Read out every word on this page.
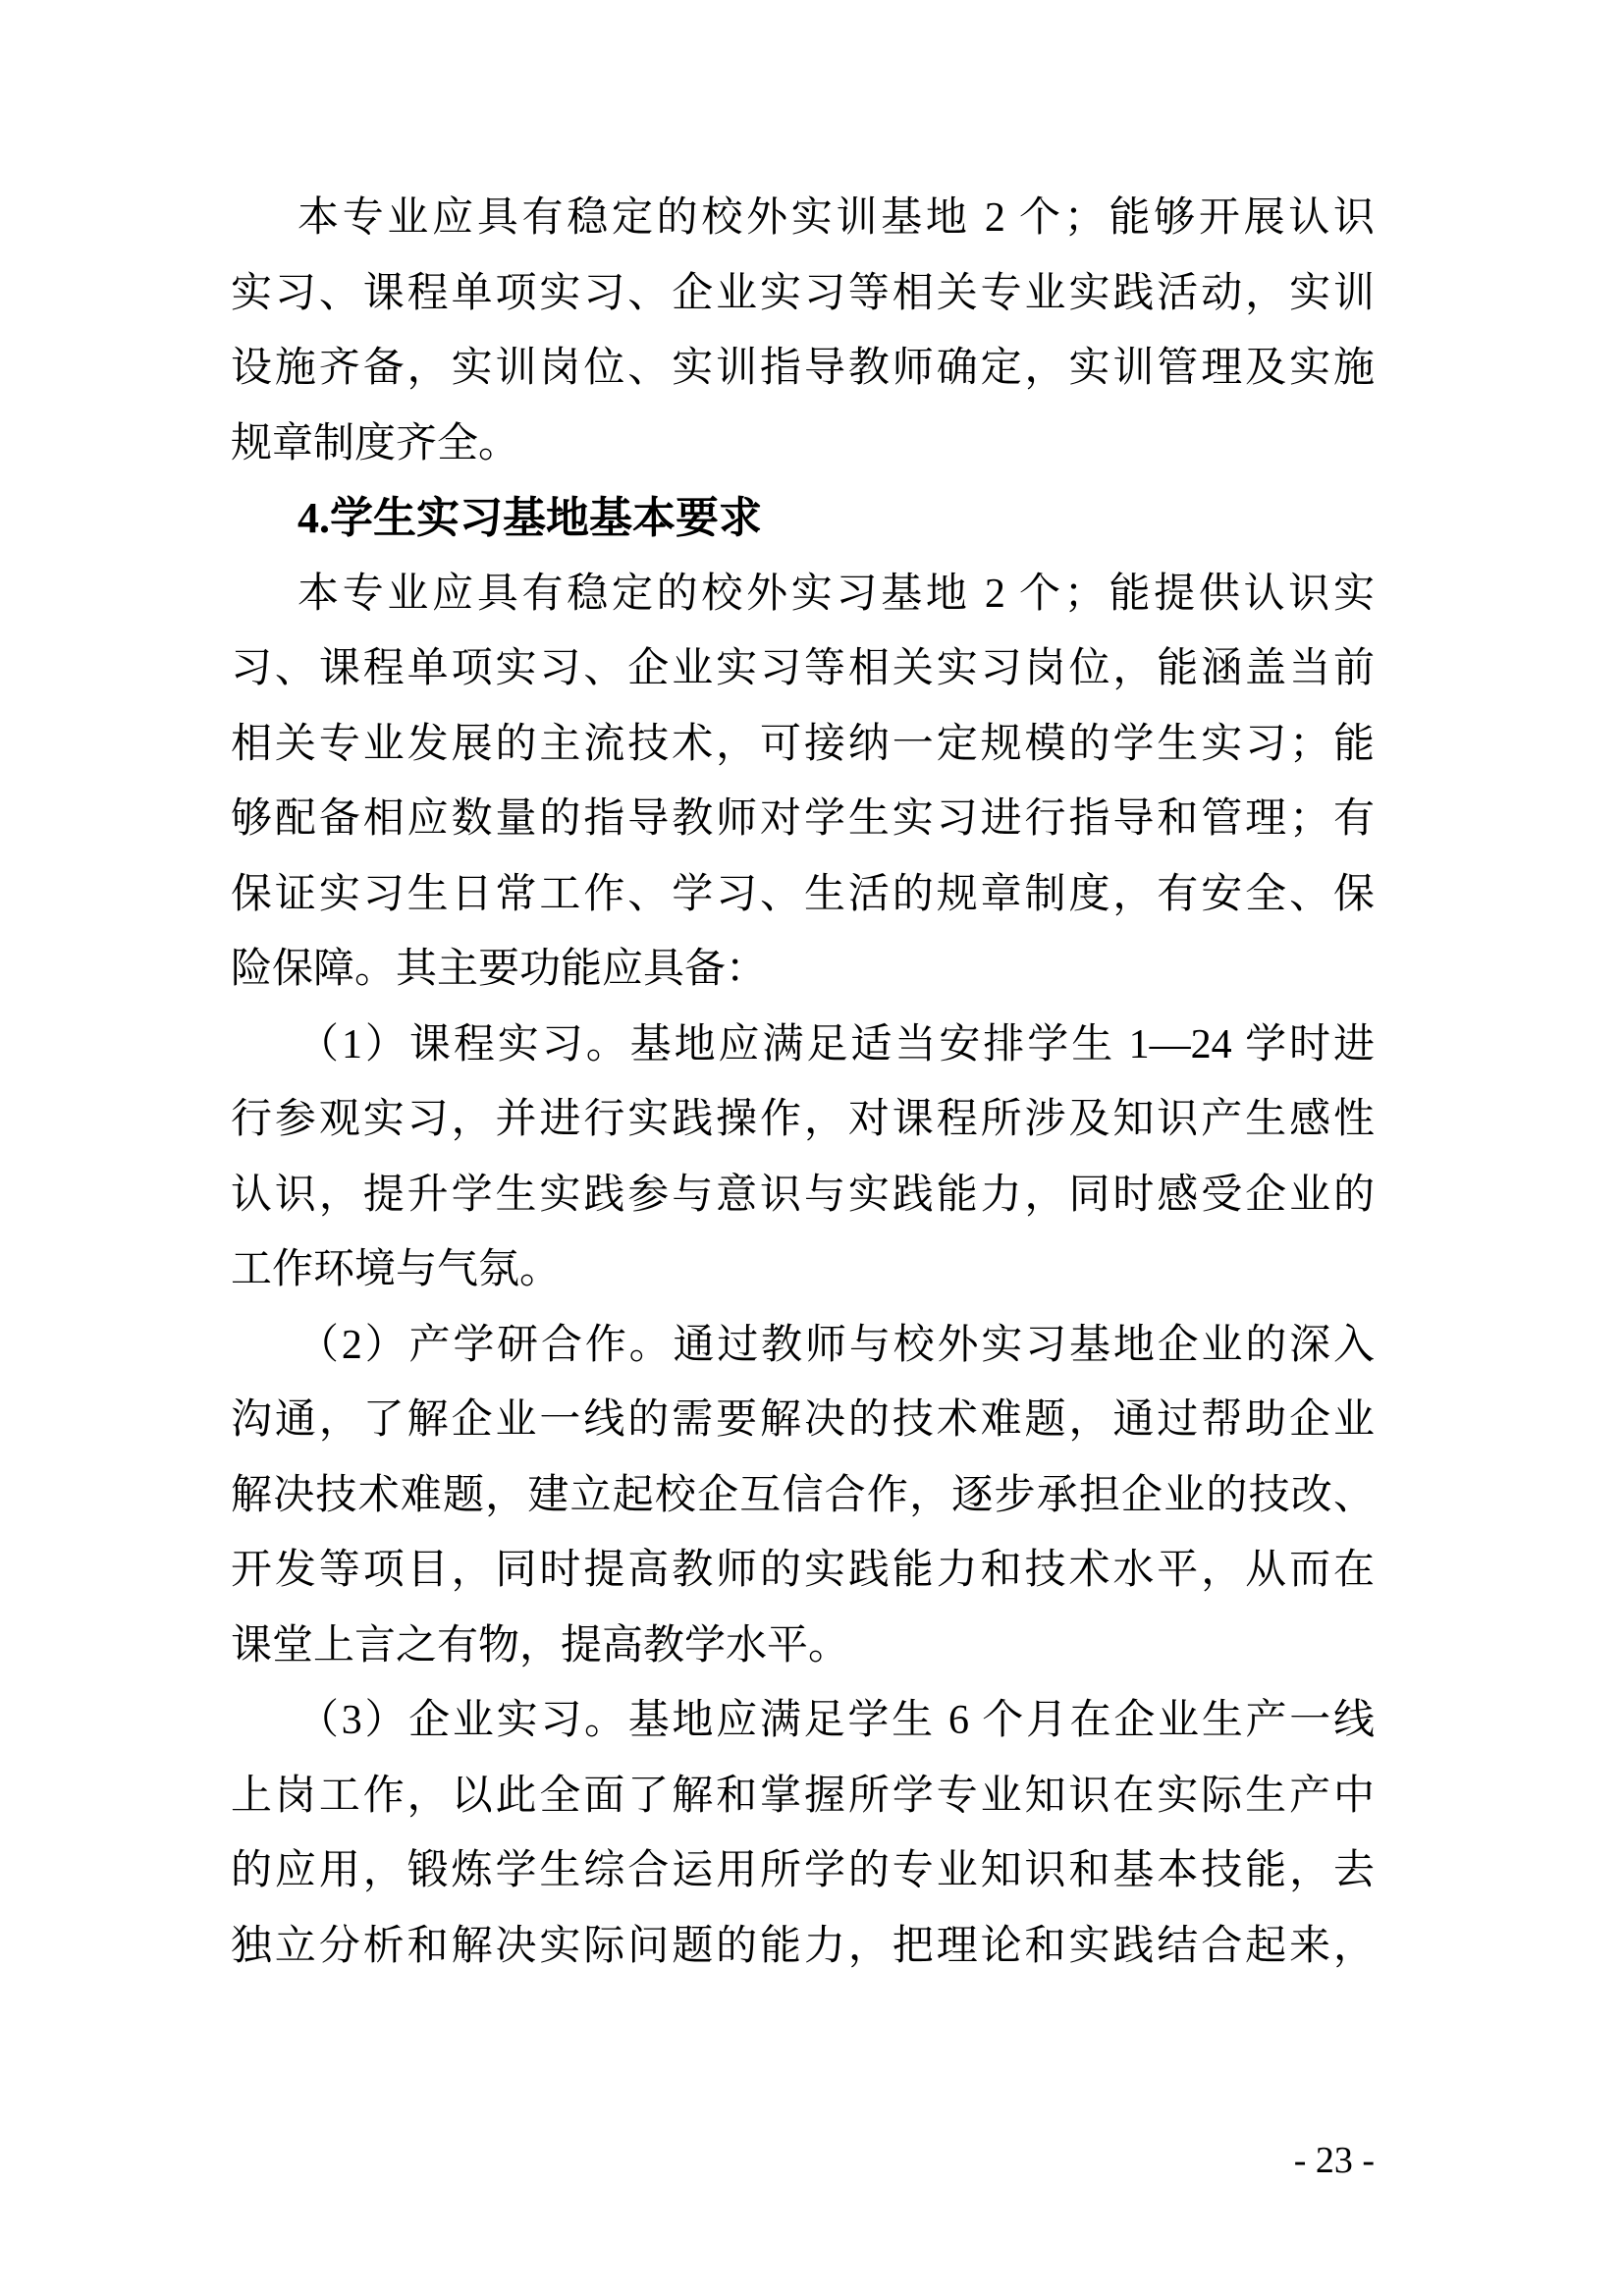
本专业应具有稳定的校外实训基地 2 个；能够开展认识
实习、课程单项实习、企业实习等相关专业实践活动，实训
设施齐备，实训岗位、实训指导教师确定，实训管理及实施
规章制度齐全。
4.学生实习基地基本要求
本专业应具有稳定的校外实习基地 2 个；能提供认识实
习、课程单项实习、企业实习等相关实习岗位，能涵盖当前
相关专业发展的主流技术，可接纳一定规模的学生实习；能
够配备相应数量的指导教师对学生实习进行指导和管理；有
保证实习生日常工作、学习、生活的规章制度，有安全、保
险保障。其主要功能应具备：
（1）课程实习。基地应满足适当安排学生 1—24 学时进
行参观实习，并进行实践操作，对课程所涉及知识产生感性
认识，提升学生实践参与意识与实践能力，同时感受企业的
工作环境与气氛。
（2）产学研合作。通过教师与校外实习基地企业的深入
沟通，了解企业一线的需要解决的技术难题，通过帮助企业
解决技术难题，建立起校企互信合作，逐步承担企业的技改、
开发等项目，同时提高教师的实践能力和技术水平，从而在
课堂上言之有物，提高教学水平。
（3）企业实习。基地应满足学生 6 个月在企业生产一线
上岗工作，以此全面了解和掌握所学专业知识在实际生产中
的应用，锻炼学生综合运用所学的专业知识和基本技能，去
独立分析和解决实际问题的能力，把理论和实践结合起来，
- 23 -
